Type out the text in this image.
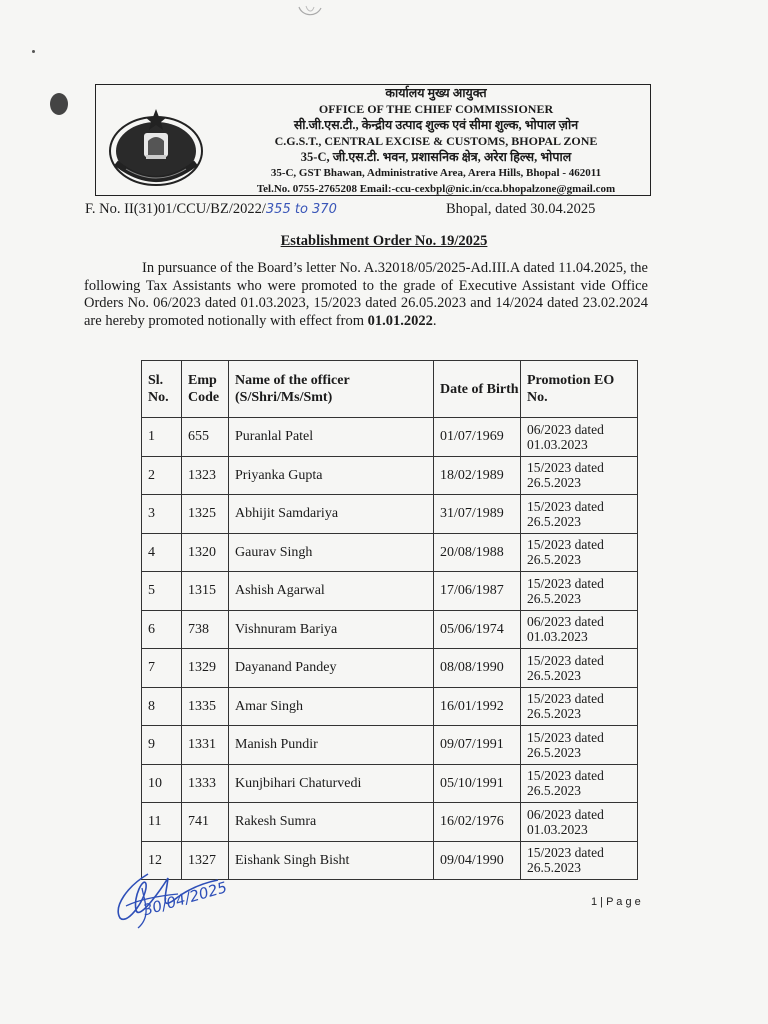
कार्यालय मुख्य आयुक्त
OFFICE OF THE CHIEF COMMISSIONER
सी.जी.एस.टी., केन्द्रीय उत्पाद शुल्क एवं सीमा शुल्क, भोपाल ज़ोन
C.G.S.T., CENTRAL EXCISE & CUSTOMS, BHOPAL ZONE
35-C, जी.एस.टी. भवन, प्रशासनिक क्षेत्र, अरेरा हिल्स, भोपाल
35-C, GST Bhawan, Administrative Area, Arera Hills, Bhopal - 462011
Tel.No. 0755-2765208 Email:-ccu-cexbpl@nic.in/cca.bhopalzone@gmail.com
F. No. II(31)01/CCU/BZ/2022/355 to 370	Bhopal, dated 30.04.2025
Establishment Order No. 19/2025
In pursuance of the Board’s letter No. A.32018/05/2025-Ad.III.A dated 11.04.2025, the following Tax Assistants who were promoted to the grade of Executive Assistant vide Office Orders No. 06/2023 dated 01.03.2023, 15/2023 dated 26.05.2023 and 14/2024 dated 23.02.2024 are hereby promoted notionally with effect from 01.01.2022.
Sl. No.	Emp Code	Name of the officer (S/Shri/Ms/Smt)	Date of Birth	Promotion EO No.
1	655	Puranlal Patel	01/07/1969	06/2023 dated 01.03.2023
2	1323	Priyanka Gupta	18/02/1989	15/2023 dated 26.5.2023
3	1325	Abhijit Samdariya	31/07/1989	15/2023 dated 26.5.2023
4	1320	Gaurav Singh	20/08/1988	15/2023 dated 26.5.2023
5	1315	Ashish Agarwal	17/06/1987	15/2023 dated 26.5.2023
6	738	Vishnuram Bariya	05/06/1974	06/2023 dated 01.03.2023
7	1329	Dayanand Pandey	08/08/1990	15/2023 dated 26.5.2023
8	1335	Amar Singh	16/01/1992	15/2023 dated 26.5.2023
9	1331	Manish Pundir	09/07/1991	15/2023 dated 26.5.2023
10	1333	Kunjbihari Chaturvedi	05/10/1991	15/2023 dated 26.5.2023
11	741	Rakesh Sumra	16/02/1976	06/2023 dated 01.03.2023
12	1327	Eishank Singh Bisht	09/04/1990	15/2023 dated 26.5.2023
30/04/2025	1 | P a g e
